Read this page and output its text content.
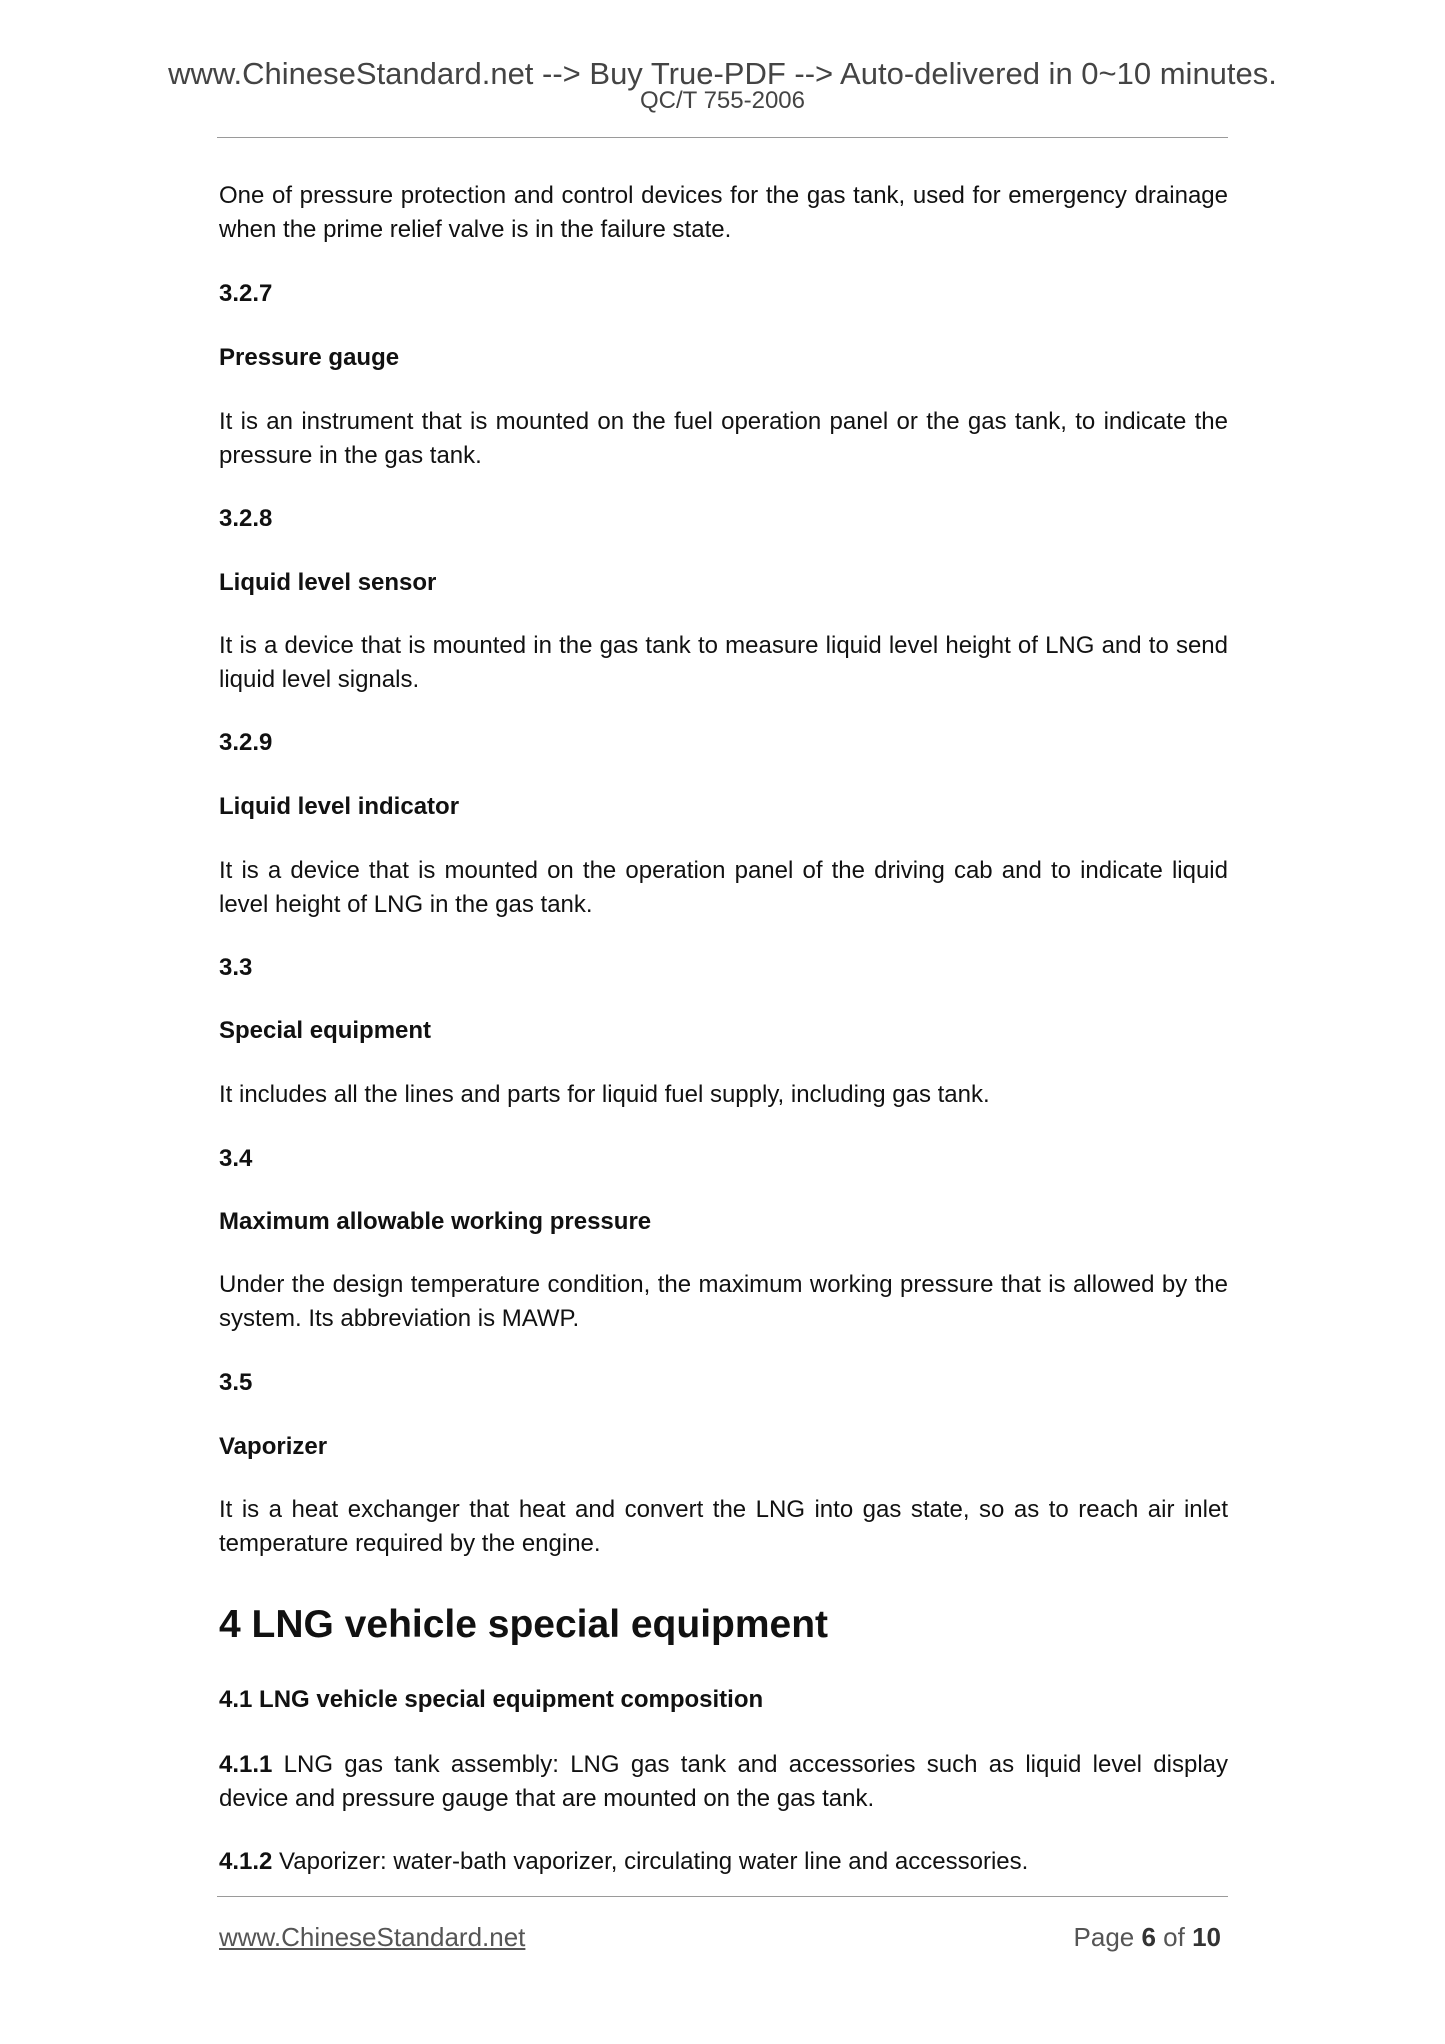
www.ChineseStandard.net --> Buy True-PDF --> Auto-delivered in 0~10 minutes.
QC/T 755-2006

One of pressure protection and control devices for the gas tank, used for emergency drainage when the prime relief valve is in the failure state.

3.2.7

Pressure gauge

It is an instrument that is mounted on the fuel operation panel or the gas tank, to indicate the pressure in the gas tank.

3.2.8

Liquid level sensor

It is a device that is mounted in the gas tank to measure liquid level height of LNG and to send liquid level signals.

3.2.9

Liquid level indicator

It is a device that is mounted on the operation panel of the driving cab and to indicate liquid level height of LNG in the gas tank.

3.3

Special equipment

It includes all the lines and parts for liquid fuel supply, including gas tank.

3.4

Maximum allowable working pressure

Under the design temperature condition, the maximum working pressure that is allowed by the system. Its abbreviation is MAWP.

3.5

Vaporizer

It is a heat exchanger that heat and convert the LNG into gas state, so as to reach air inlet temperature required by the engine.

4 LNG vehicle special equipment

4.1 LNG vehicle special equipment composition

4.1.1 LNG gas tank assembly: LNG gas tank and accessories such as liquid level display device and pressure gauge that are mounted on the gas tank.

4.1.2 Vaporizer: water-bath vaporizer, circulating water line and accessories.

www.ChineseStandard.net	Page 6 of 10
